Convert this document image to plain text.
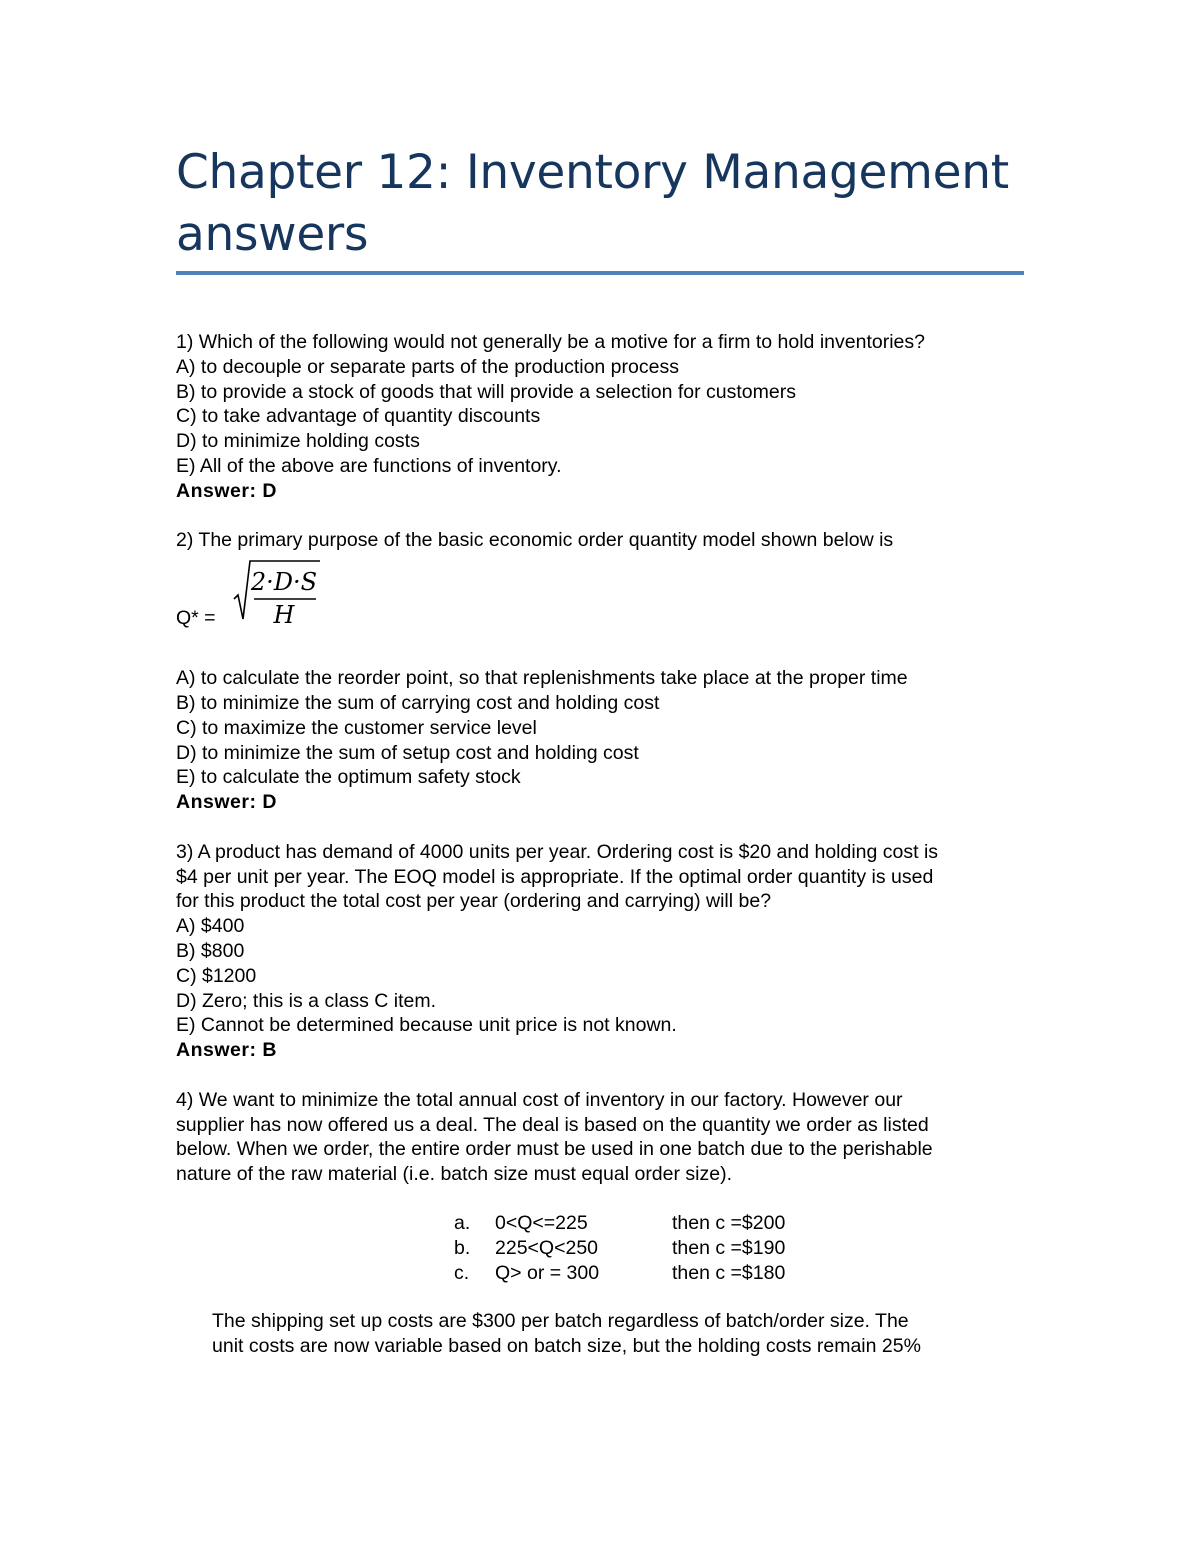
Chapter 12: Inventory Management
answers

1) Which of the following would not generally be a motive for a firm to hold inventories?

A) to decouple or separate parts of the production process

B) to provide a stock of goods that will provide a selection for customers

C) to take advantage of quantity discounts

D) to minimize holding costs

E) All of the above are functions of inventory.

Answer: D

2) The primary purpose of the basic economic order quantity model shown below is

Q* =
2·D·S
H

A) to calculate the reorder point, so that replenishments take place at the proper time

B) to minimize the sum of carrying cost and holding cost

C) to maximize the customer service level

D) to minimize the sum of setup cost and holding cost

E) to calculate the optimum safety stock

Answer: D

3) A product has demand of 4000 units per year. Ordering cost is $20 and holding cost is

$4 per unit per year. The EOQ model is appropriate. If the optimal order quantity is used

for this product the total cost per year (ordering and carrying) will be?

A) $400

B) $800

C) $1200

D) Zero; this is a class C item.

E) Cannot be determined because unit price is not known.

Answer: B

4) We want to minimize the total annual cost of inventory in our factory. However our

supplier has now offered us a deal. The deal is based on the quantity we order as listed

below. When we order, the entire order must be used in one batch due to the perishable

nature of the raw material (i.e. batch size must equal order size).

a.	0<Q<=225	then c =$200
b.	225<Q<250	then c =$190
c.	Q> or = 300	then c =$180

The shipping set up costs are $300 per batch regardless of batch/order size. The

unit costs are now variable based on batch size, but the holding costs remain 25%
